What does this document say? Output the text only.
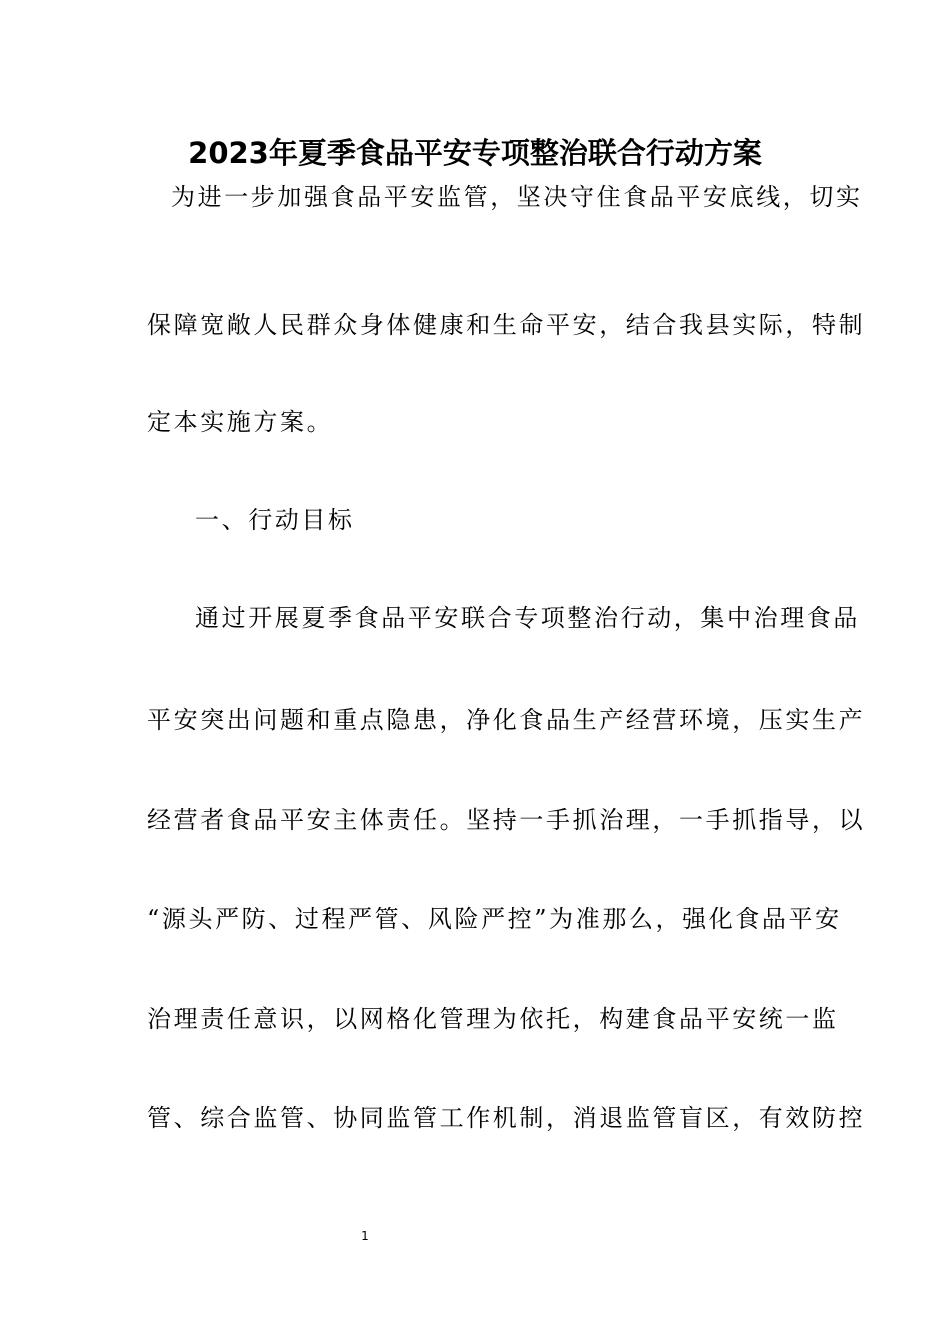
2023年夏季食品平安专项整治联合行动方案
为进一步加强食品平安监管，坚决守住食品平安底线，切实
保障宽敞人民群众身体健康和生命平安，结合我县实际，特制
定本实施方案。
一、行动目标
通过开展夏季食品平安联合专项整治行动，集中治理食品
平安突出问题和重点隐患，净化食品生产经营环境，压实生产
经营者食品平安主体责任。坚持一手抓治理，一手抓指导，以
“源头严防、过程严管、风险严控”为准那么，强化食品平安
治理责任意识，以网格化管理为依托，构建食品平安统一监
管、综合监管、协同监管工作机制，消退监管盲区，有效防控
1
